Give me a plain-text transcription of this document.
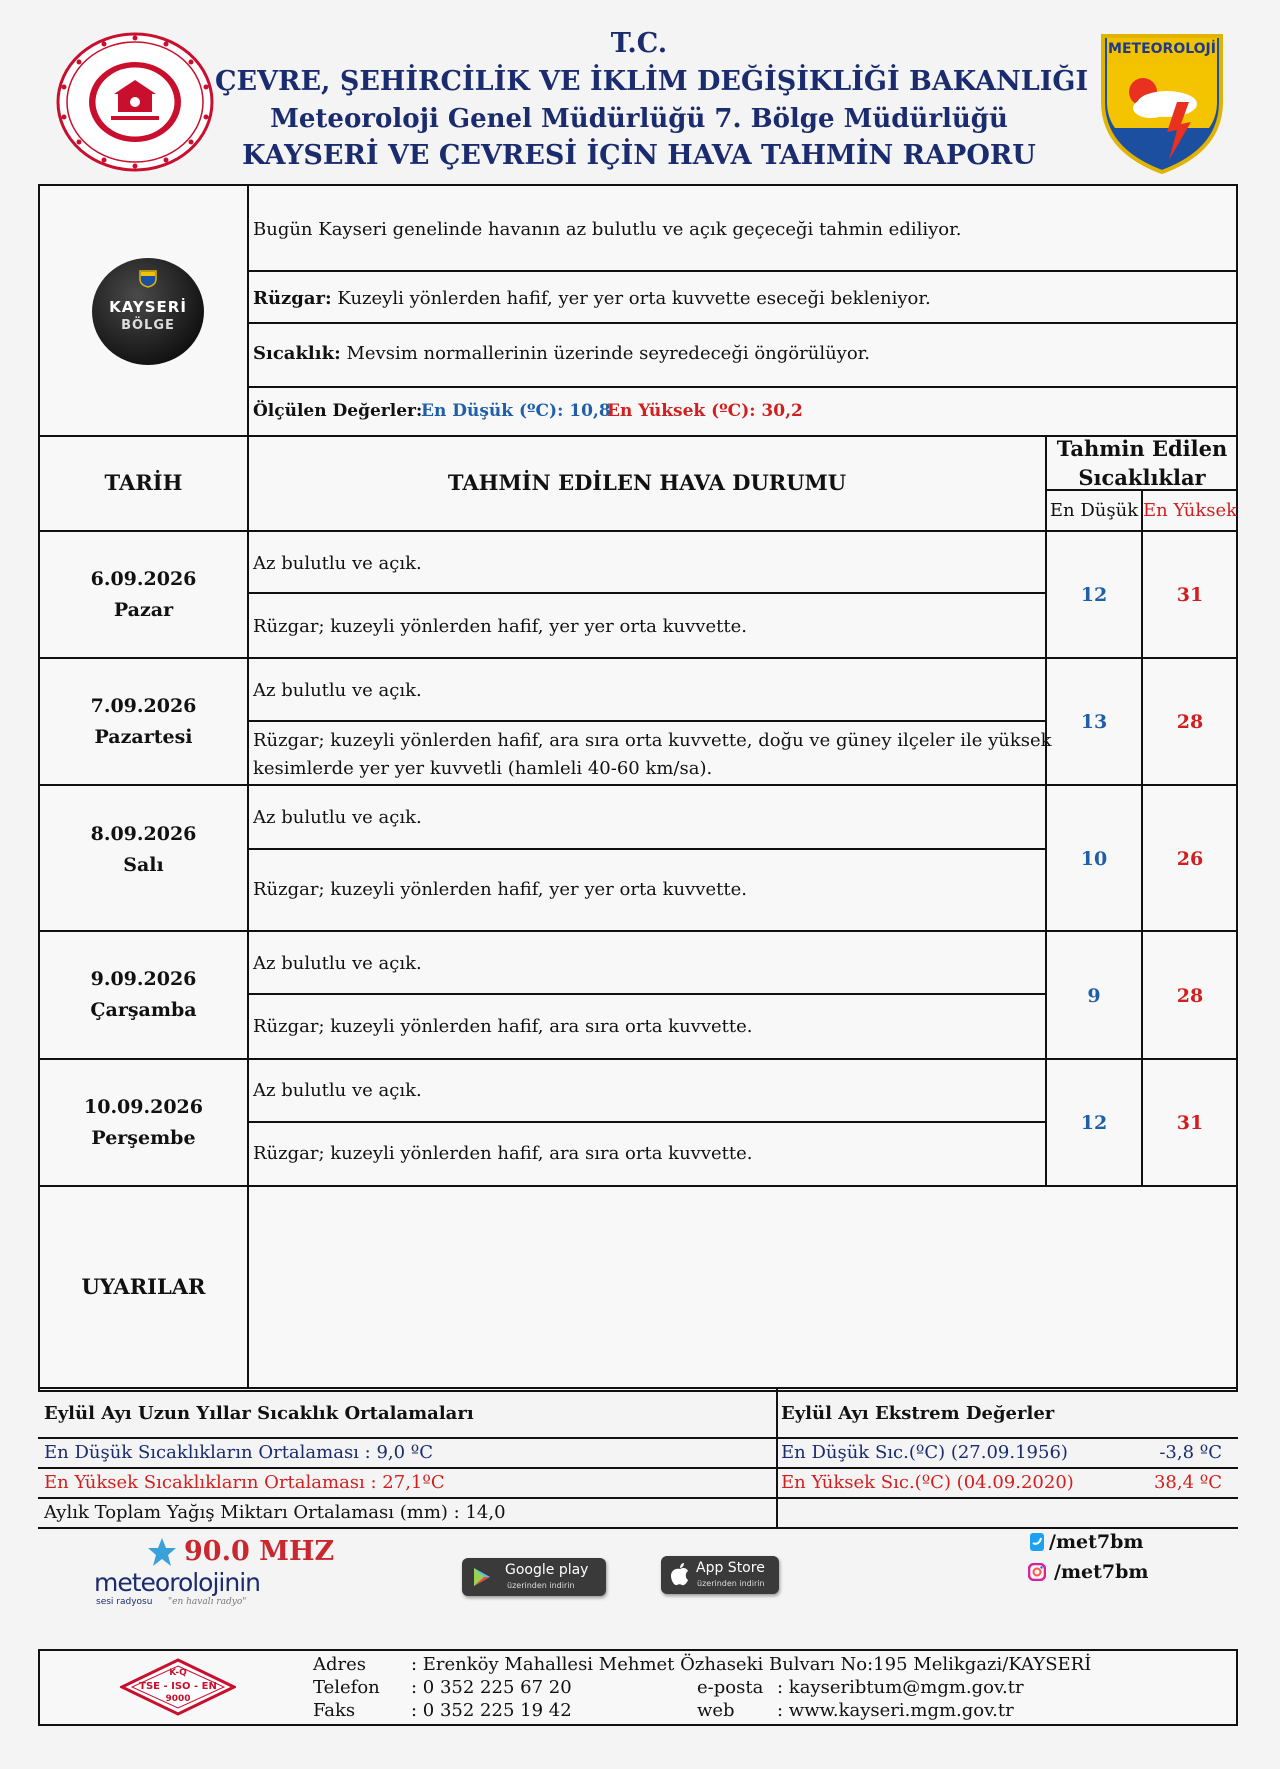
T.C.
ÇEVRE, ŞEHİRCİLİK VE İKLİM DEĞİŞİKLİĞİ BAKANLIĞI
Meteoroloji Genel Müdürlüğü 7. Bölge Müdürlüğü
KAYSERİ VE ÇEVRESİ İÇİN HAVA TAHMİN RAPORU
METEOROLOJİ
KAYSERİ
BÖLGE
Bugün Kayseri genelinde havanın az bulutlu ve açık geçeceği tahmin ediliyor.
Rüzgar: Kuzeyli yönlerden hafif, yer yer orta kuvvette eseceği bekleniyor.
Sıcaklık: Mevsim normallerinin üzerinde seyredeceği öngörülüyor.
Ölçülen Değerler:
En Düşük (ºC): 10,8
En Yüksek (ºC): 30,2
TARİH	TAHMİN EDİLEN HAVA DURUMU
Tahmin Edilen
Sıcaklıklar
En Düşük En Yüksek
6.09.2026
Pazar
Az bulutlu ve açık.
Rüzgar; kuzeyli yönlerden hafif, yer yer orta kuvvette.
12	31
7.09.2026
Pazartesi
Az bulutlu ve açık.
Rüzgar; kuzeyli yönlerden hafif, ara sıra orta kuvvette, doğu ve güney ilçeler ile yüksek
kesimlerde yer yer kuvvetli (hamleli 40-60 km/sa).
13	28
8.09.2026
Salı
Az bulutlu ve açık.
Rüzgar; kuzeyli yönlerden hafif, yer yer orta kuvvette.
10	26
9.09.2026
Çarşamba
Az bulutlu ve açık.
Rüzgar; kuzeyli yönlerden hafif, ara sıra orta kuvvette.
9	28
10.09.2026
Perşembe
Az bulutlu ve açık.
Rüzgar; kuzeyli yönlerden hafif, ara sıra orta kuvvette.
12	31
UYARILAR
Eylül Ayı Uzun Yıllar Sıcaklık Ortalamaları	Eylül Ayı Ekstrem Değerler
En Düşük Sıcaklıkların Ortalaması : 9,0 ºC
En Yüksek Sıcaklıkların Ortalaması : 27,1ºC
Aylık Toplam Yağış Miktarı Ortalaması (mm) : 14,0
En Düşük Sıc.(ºC) (27.09.1956)	-3,8 ºC
En Yüksek Sıc.(ºC) (04.09.2020)	38,4 ºC
90.0 MHZ
meteorolojinin
sesi radyosu "en havalı radyo"
Google play
üzerinden indirin
App Store
üzerinden indirin
/met7bm
/met7bm
K-Q
TSE - ISO - EN
9000
Adres : Erenköy Mahallesi Mehmet Özhaseki Bulvarı No:195 Melikgazi/KAYSERİ
Telefon : 0 352 225 67 20
Faks	: 0 352 225 19 42
e-posta : kayseribtum@mgm.gov.tr
web : www.kayseri.mgm.gov.tr
